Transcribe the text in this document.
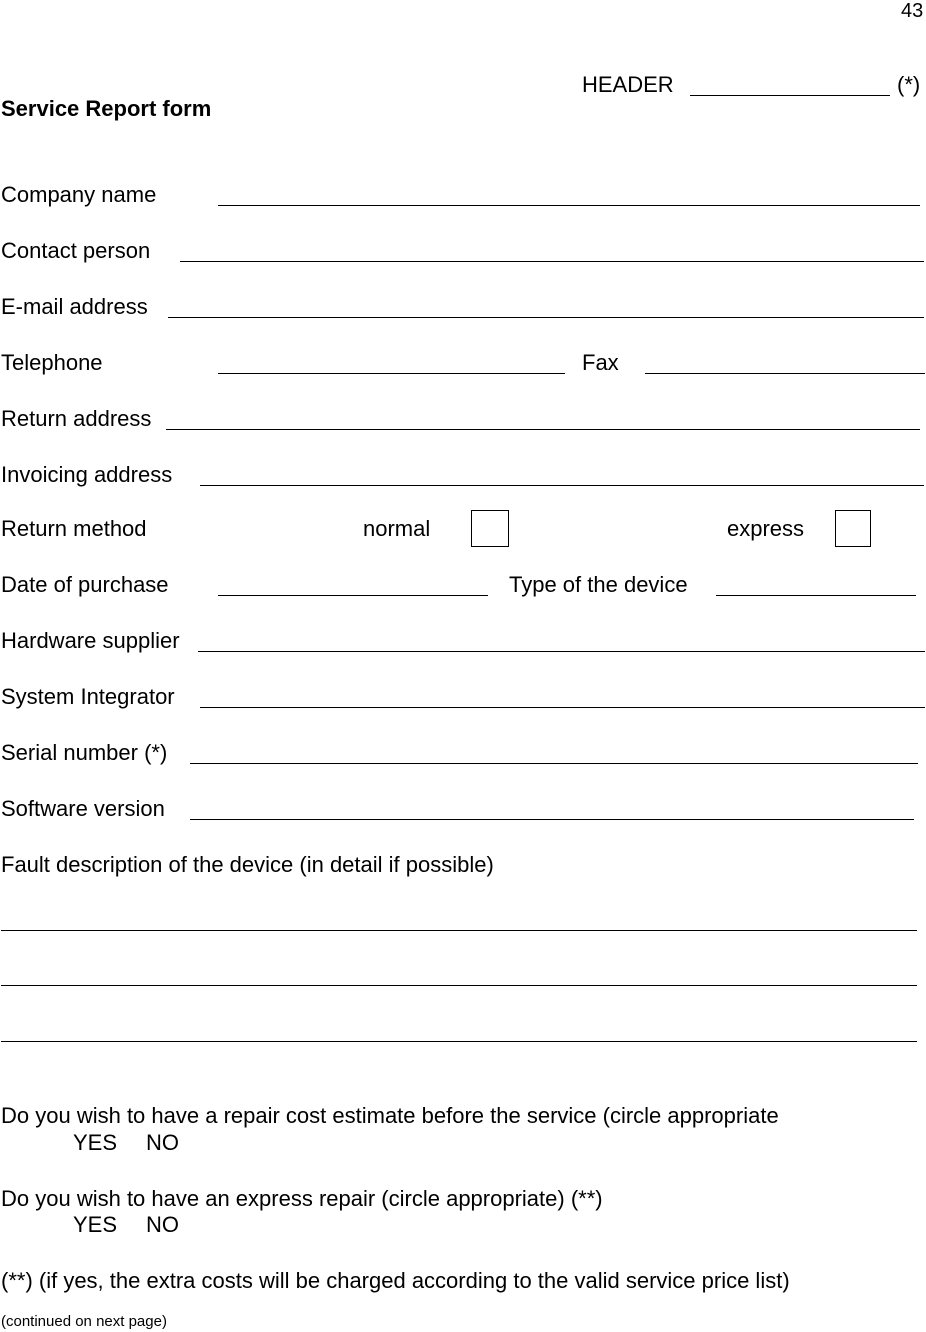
43
HEADER	(*)
Service Report form
Company name
Contact person
E-mail address
Telephone	Fax
Return address
Invoicing address
Return method	normal	express
Date of purchase	Type of the device
Hardware supplier
System Integrator
Serial number (*)
Software version
Fault description of the device (in detail if possible)
Do you wish to have a repair cost estimate before the service (circle appropriate
YES NO
Do you wish to have an express repair (circle appropriate) (**)
YES NO
(**) (if yes, the extra costs will be charged according to the valid service price list)
(continued on next page)
